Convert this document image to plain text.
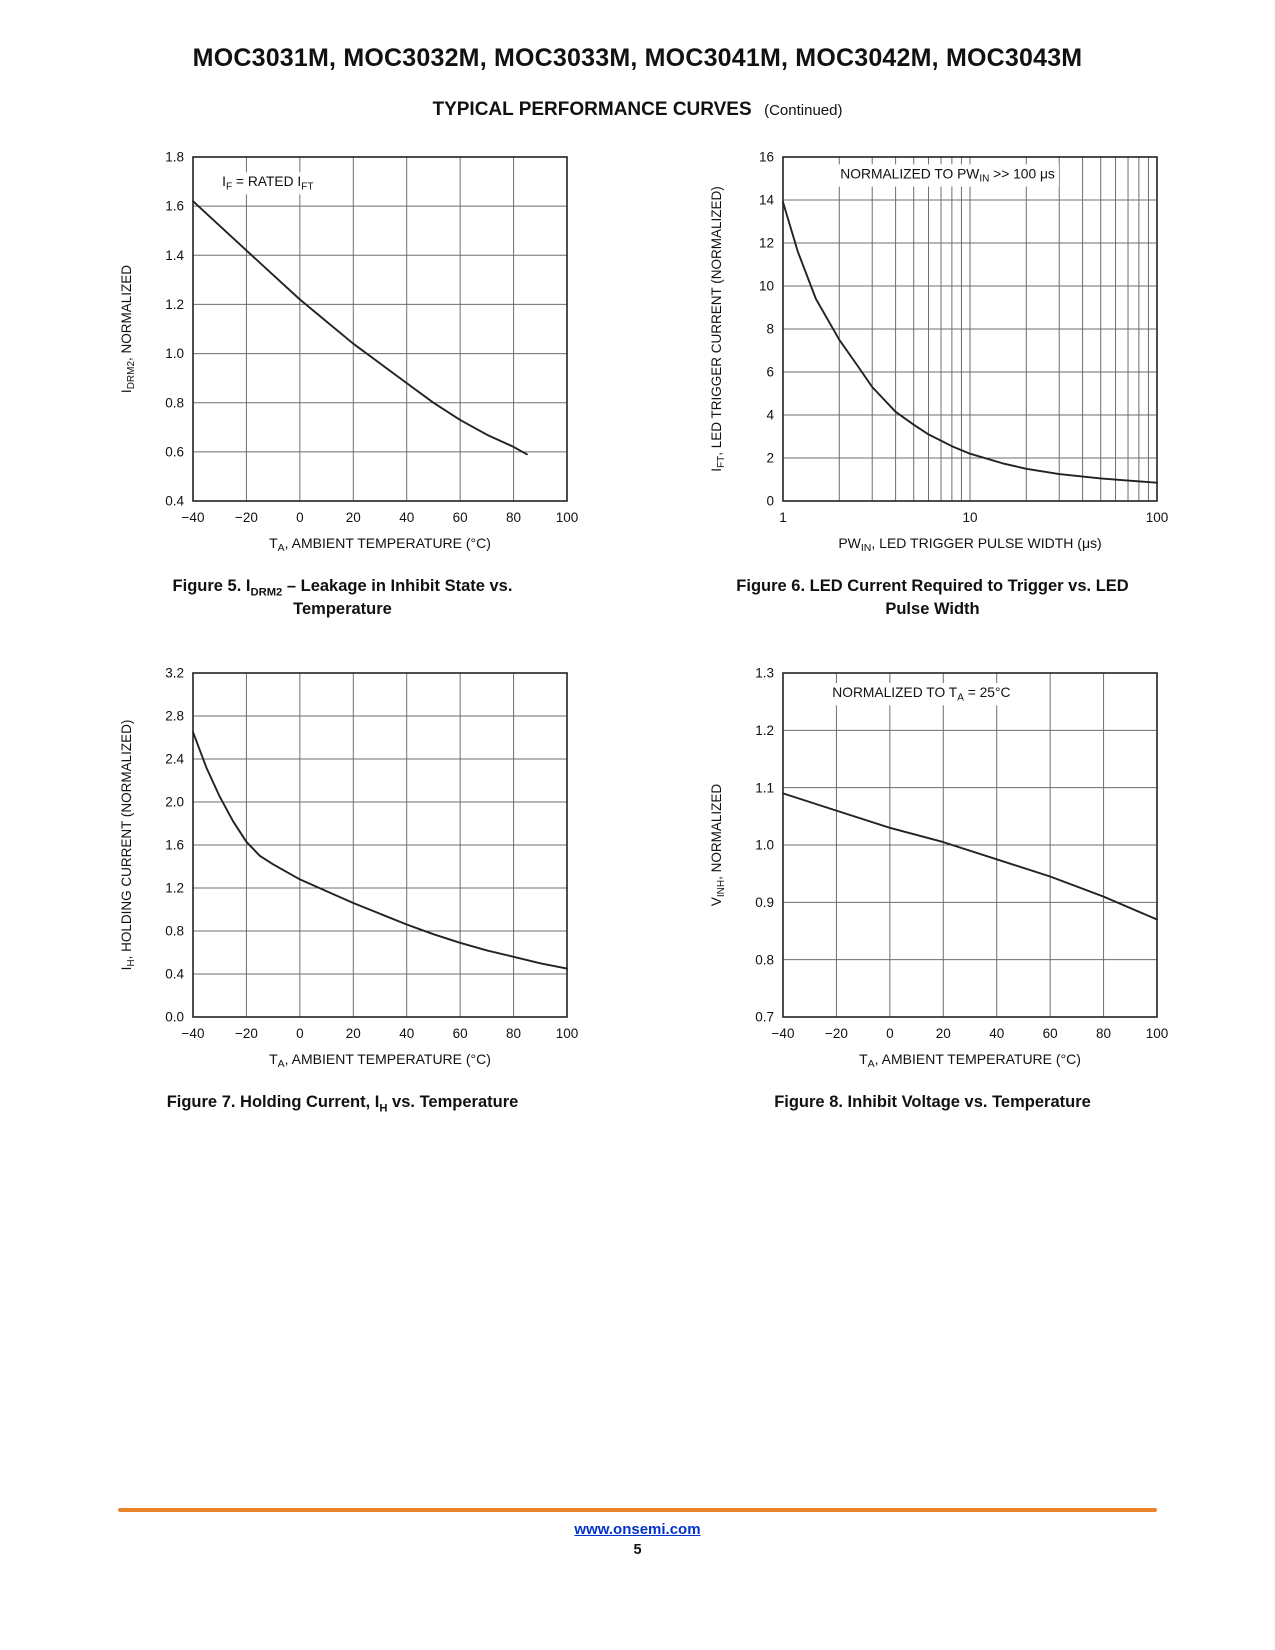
MOC3031M, MOC3032M, MOC3033M, MOC3041M, MOC3042M, MOC3043M
TYPICAL PERFORMANCE CURVES (Continued)
$I_F$ = RATED $I_{FT}$
−40 −20	0	20	40	60	80	100
0.4
0.6
0.8
1.0
1.2
1.4
1.6
1.8
$T_A$, AMBIENT TEMPERATURE (°C)
$I_{DRM2}^{, NORMALIZED}$
Figure 5. $I_{DRM2}$ – Leakage in Inhibit State vs.
Temperature
NORMALIZED TO $PW_{IN} >> 100$ μs
1	10	100
0
2
4
6
8
10
12
14
16
$PW_{IN}$, LED TRIGGER PULSE WIDTH (μs)
$I_{FT}^{, LED TRIGGER CURRENT (NORMALIZED)}$
Figure 6. LED Current Required to Trigger vs. LED
Pulse Width
−40 −20	0	20	40	60	80	100
0.0
0.4
0.8
1.2
1.6
2.0
2.4
2.8
3.2
$T_A$, AMBIENT TEMPERATURE (°C)
$I_H^{, HOLDING CURRENT (NORMALIZED)}$
Figure 7. Holding Current, $I_H$ vs. Temperature
NORMALIZED TO $T_A = 25^\circ C$
−40 −20	0	20	40	60	80	100
0.7
0.8
0.9
1.0
1.1
1.2
1.3
$T_A$, AMBIENT TEMPERATURE (°C)
$V_{INH}^{, NORMALIZED}$
Figure 8. Inhibit Voltage vs. Temperature
www.onsemi.com
5
